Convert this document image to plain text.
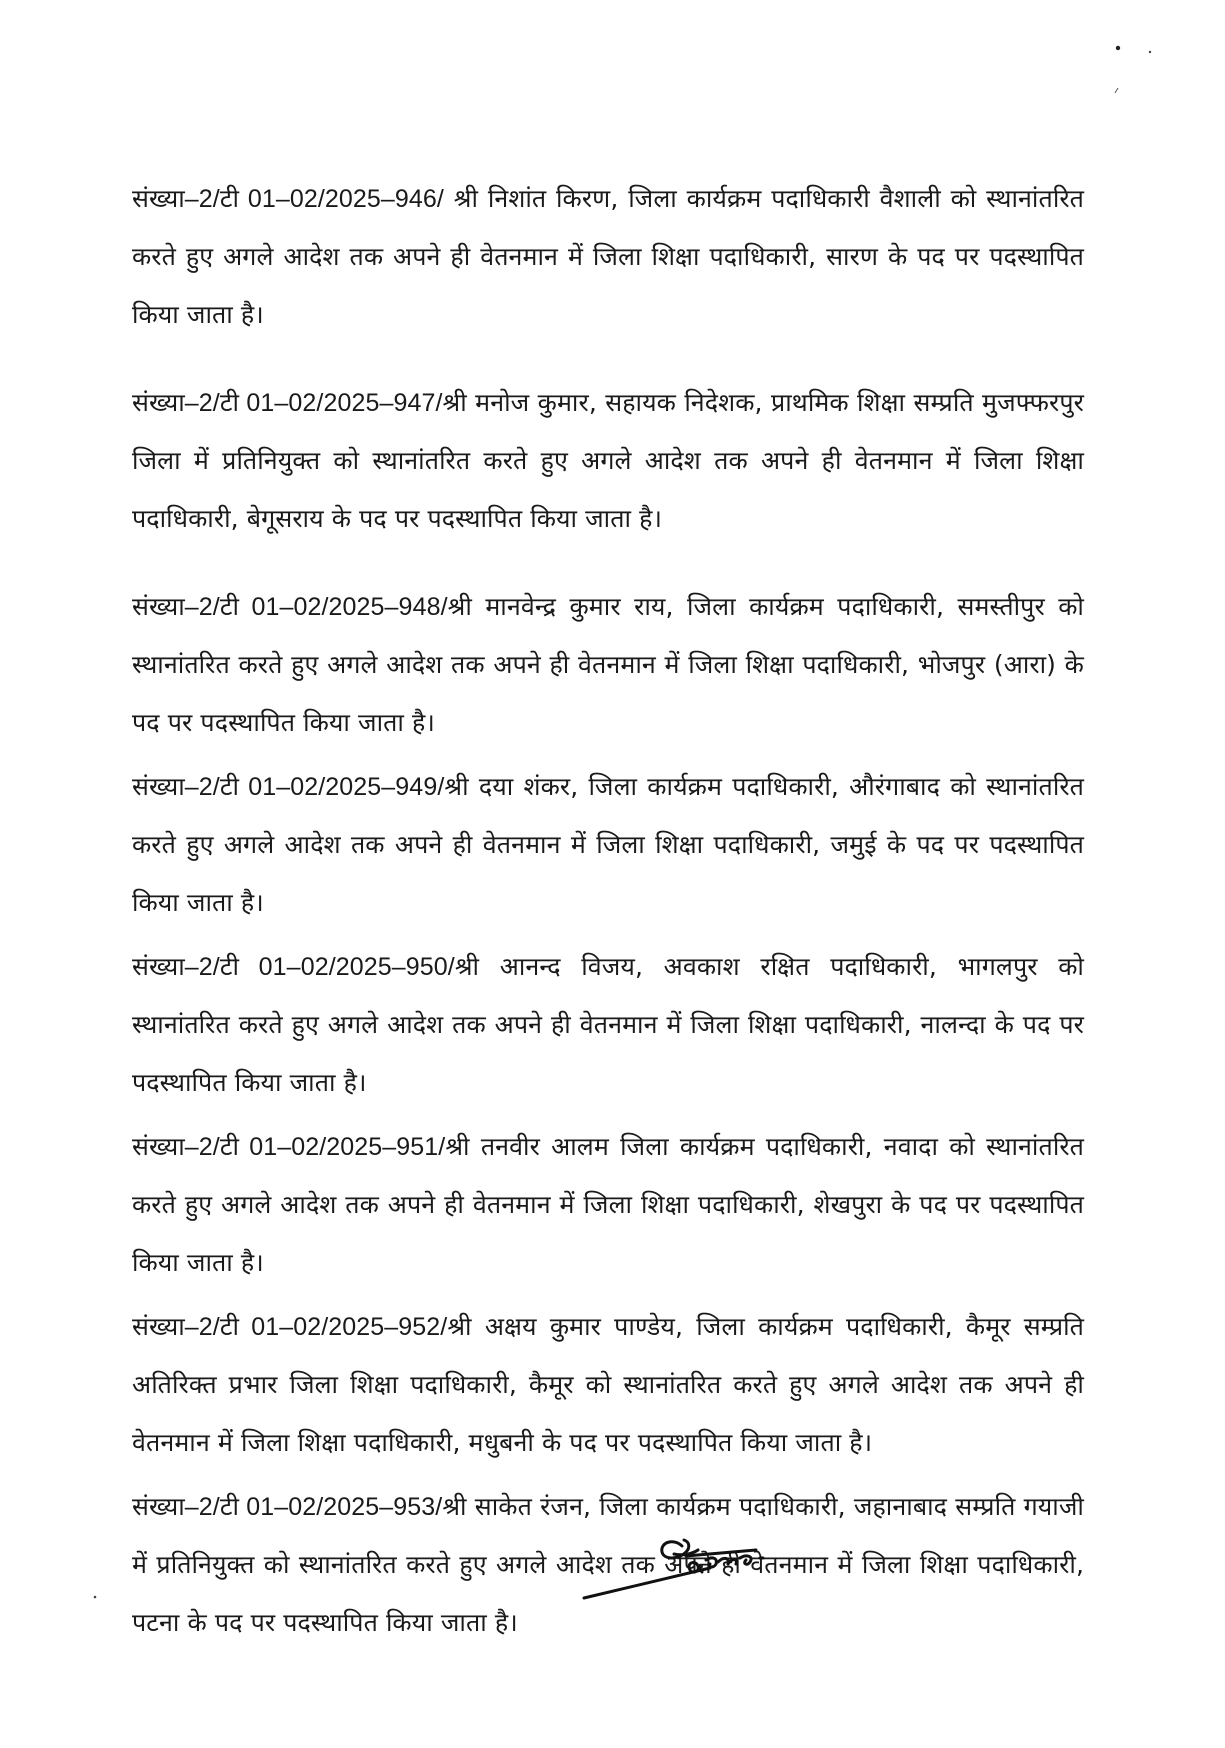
संख्या–2/टी 01–02/2025–946/ श्री निशांत किरण, जिला कार्यक्रम पदाधिकारी वैशाली को स्थानांतरित करते हुए अगले आदेश तक अपने ही वेतनमान में जिला शिक्षा पदाधिकारी, सारण के पद पर पदस्थापित किया जाता है।

संख्या–2/टी 01–02/2025–947/श्री मनोज कुमार, सहायक निदेशक, प्राथमिक शिक्षा सम्प्रति मुजफ्फरपुर जिला में प्रतिनियुक्त को स्थानांतरित करते हुए अगले आदेश तक अपने ही वेतनमान में जिला शिक्षा पदाधिकारी, बेगूसराय के पद पर पदस्थापित किया जाता है।

संख्या–2/टी 01–02/2025–948/श्री मानवेन्द्र कुमार राय, जिला कार्यक्रम पदाधिकारी, समस्तीपुर को स्थानांतरित करते हुए अगले आदेश तक अपने ही वेतनमान में जिला शिक्षा पदाधिकारी, भोजपुर (आरा) के पद पर पदस्थापित किया जाता है।

संख्या–2/टी 01–02/2025–949/श्री दया शंकर, जिला कार्यक्रम पदाधिकारी, औरंगाबाद को स्थानांतरित करते हुए अगले आदेश तक अपने ही वेतनमान में जिला शिक्षा पदाधिकारी, जमुई के पद पर पदस्थापित किया जाता है।

संख्या–2/टी 01–02/2025–950/श्री आनन्द विजय, अवकाश रक्षित पदाधिकारी, भागलपुर को स्थानांतरित करते हुए अगले आदेश तक अपने ही वेतनमान में जिला शिक्षा पदाधिकारी, नालन्दा के पद पर पदस्थापित किया जाता है।

संख्या–2/टी 01–02/2025–951/श्री तनवीर आलम जिला कार्यक्रम पदाधिकारी, नवादा को स्थानांतरित करते हुए अगले आदेश तक अपने ही वेतनमान में जिला शिक्षा पदाधिकारी, शेखपुरा के पद पर पदस्थापित किया जाता है।

संख्या–2/टी 01–02/2025–952/श्री अक्षय कुमार पाण्डेय, जिला कार्यक्रम पदाधिकारी, कैमूर सम्प्रति अतिरिक्त प्रभार जिला शिक्षा पदाधिकारी, कैमूर को स्थानांतरित करते हुए अगले आदेश तक अपने ही वेतनमान में जिला शिक्षा पदाधिकारी, मधुबनी के पद पर पदस्थापित किया जाता है।

संख्या–2/टी 01–02/2025–953/श्री साकेत रंजन, जिला कार्यक्रम पदाधिकारी, जहानाबाद सम्प्रति गयाजी में प्रतिनियुक्त को स्थानांतरित करते हुए अगले आदेश तक अपने ही वेतनमान में जिला शिक्षा पदाधिकारी, पटना के पद पर पदस्थापित किया जाता है।
